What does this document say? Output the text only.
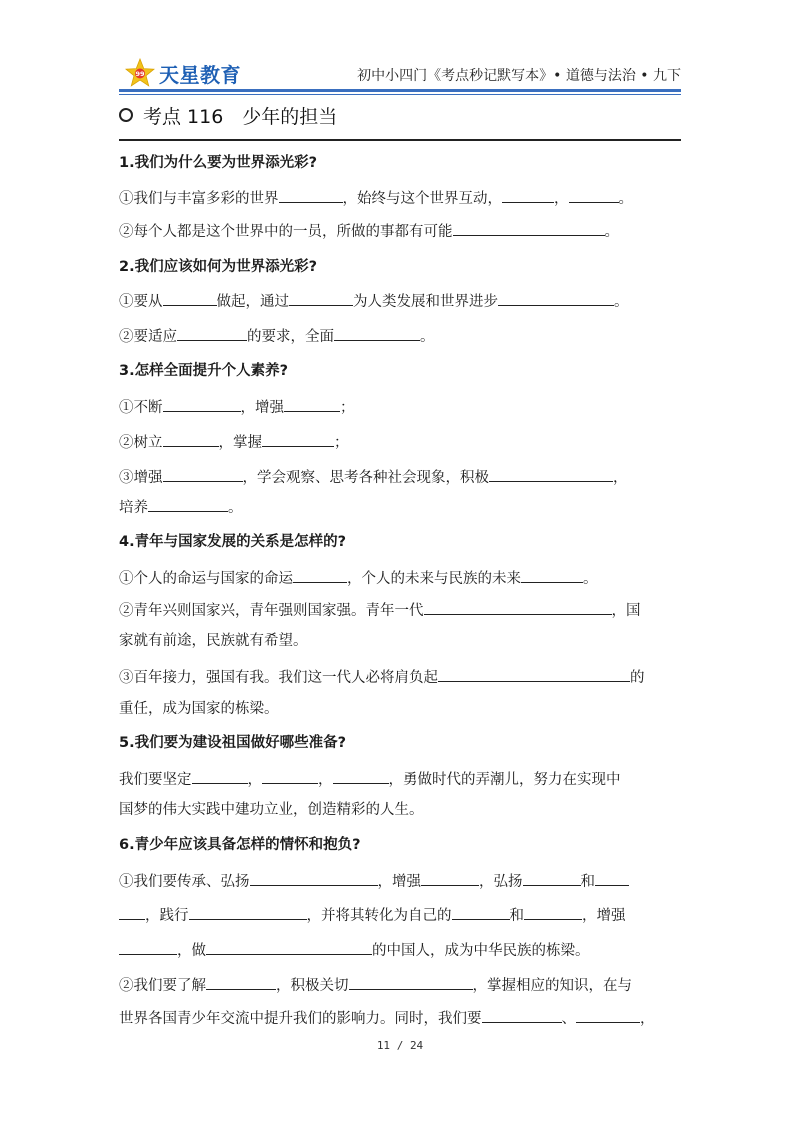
99 天星教育	初中小四门《考点秒记默写本》• 道德与法治 • 九下
考点 116　少年的担当
1.我们为什么要为世界添光彩?
①我们与丰富多彩的世界	，始终与这个世界互动，	，	。
②每个人都是这个世界中的一员，所做的事都有可能	。
2.我们应该如何为世界添光彩?
①要从	做起，通过	为人类发展和世界进步	。
②要适应	的要求，全面	。
3.怎样全面提升个人素养?
①不断	，增强	；
②树立	，掌握	；
③增强	，学会观察、思考各种社会现象，积极	，
培养	。
4.青年与国家发展的关系是怎样的?
①个人的命运与国家的命运	，个人的未来与民族的未来	。
②青年兴则国家兴，青年强则国家强。青年一代	，国
家就有前途，民族就有希望。
③百年接力，强国有我。我们这一代人必将肩负起	的
重任，成为国家的栋梁。
5.我们要为建设祖国做好哪些准备?
我们要坚定	，	，	，勇做时代的弄潮儿，努力在实现中
国梦的伟大实践中建功立业，创造精彩的人生。
6.青少年应该具备怎样的情怀和抱负?
①我们要传承、弘扬	，增强	，弘扬	和
，践行	，并将其转化为自己的	和	，增强
，做	的中国人，成为中华民族的栋梁。
②我们要了解	，积极关切	，掌握相应的知识，在与
世界各国青少年交流中提升我们的影响力。同时，我们要	、	，
11 / 24
